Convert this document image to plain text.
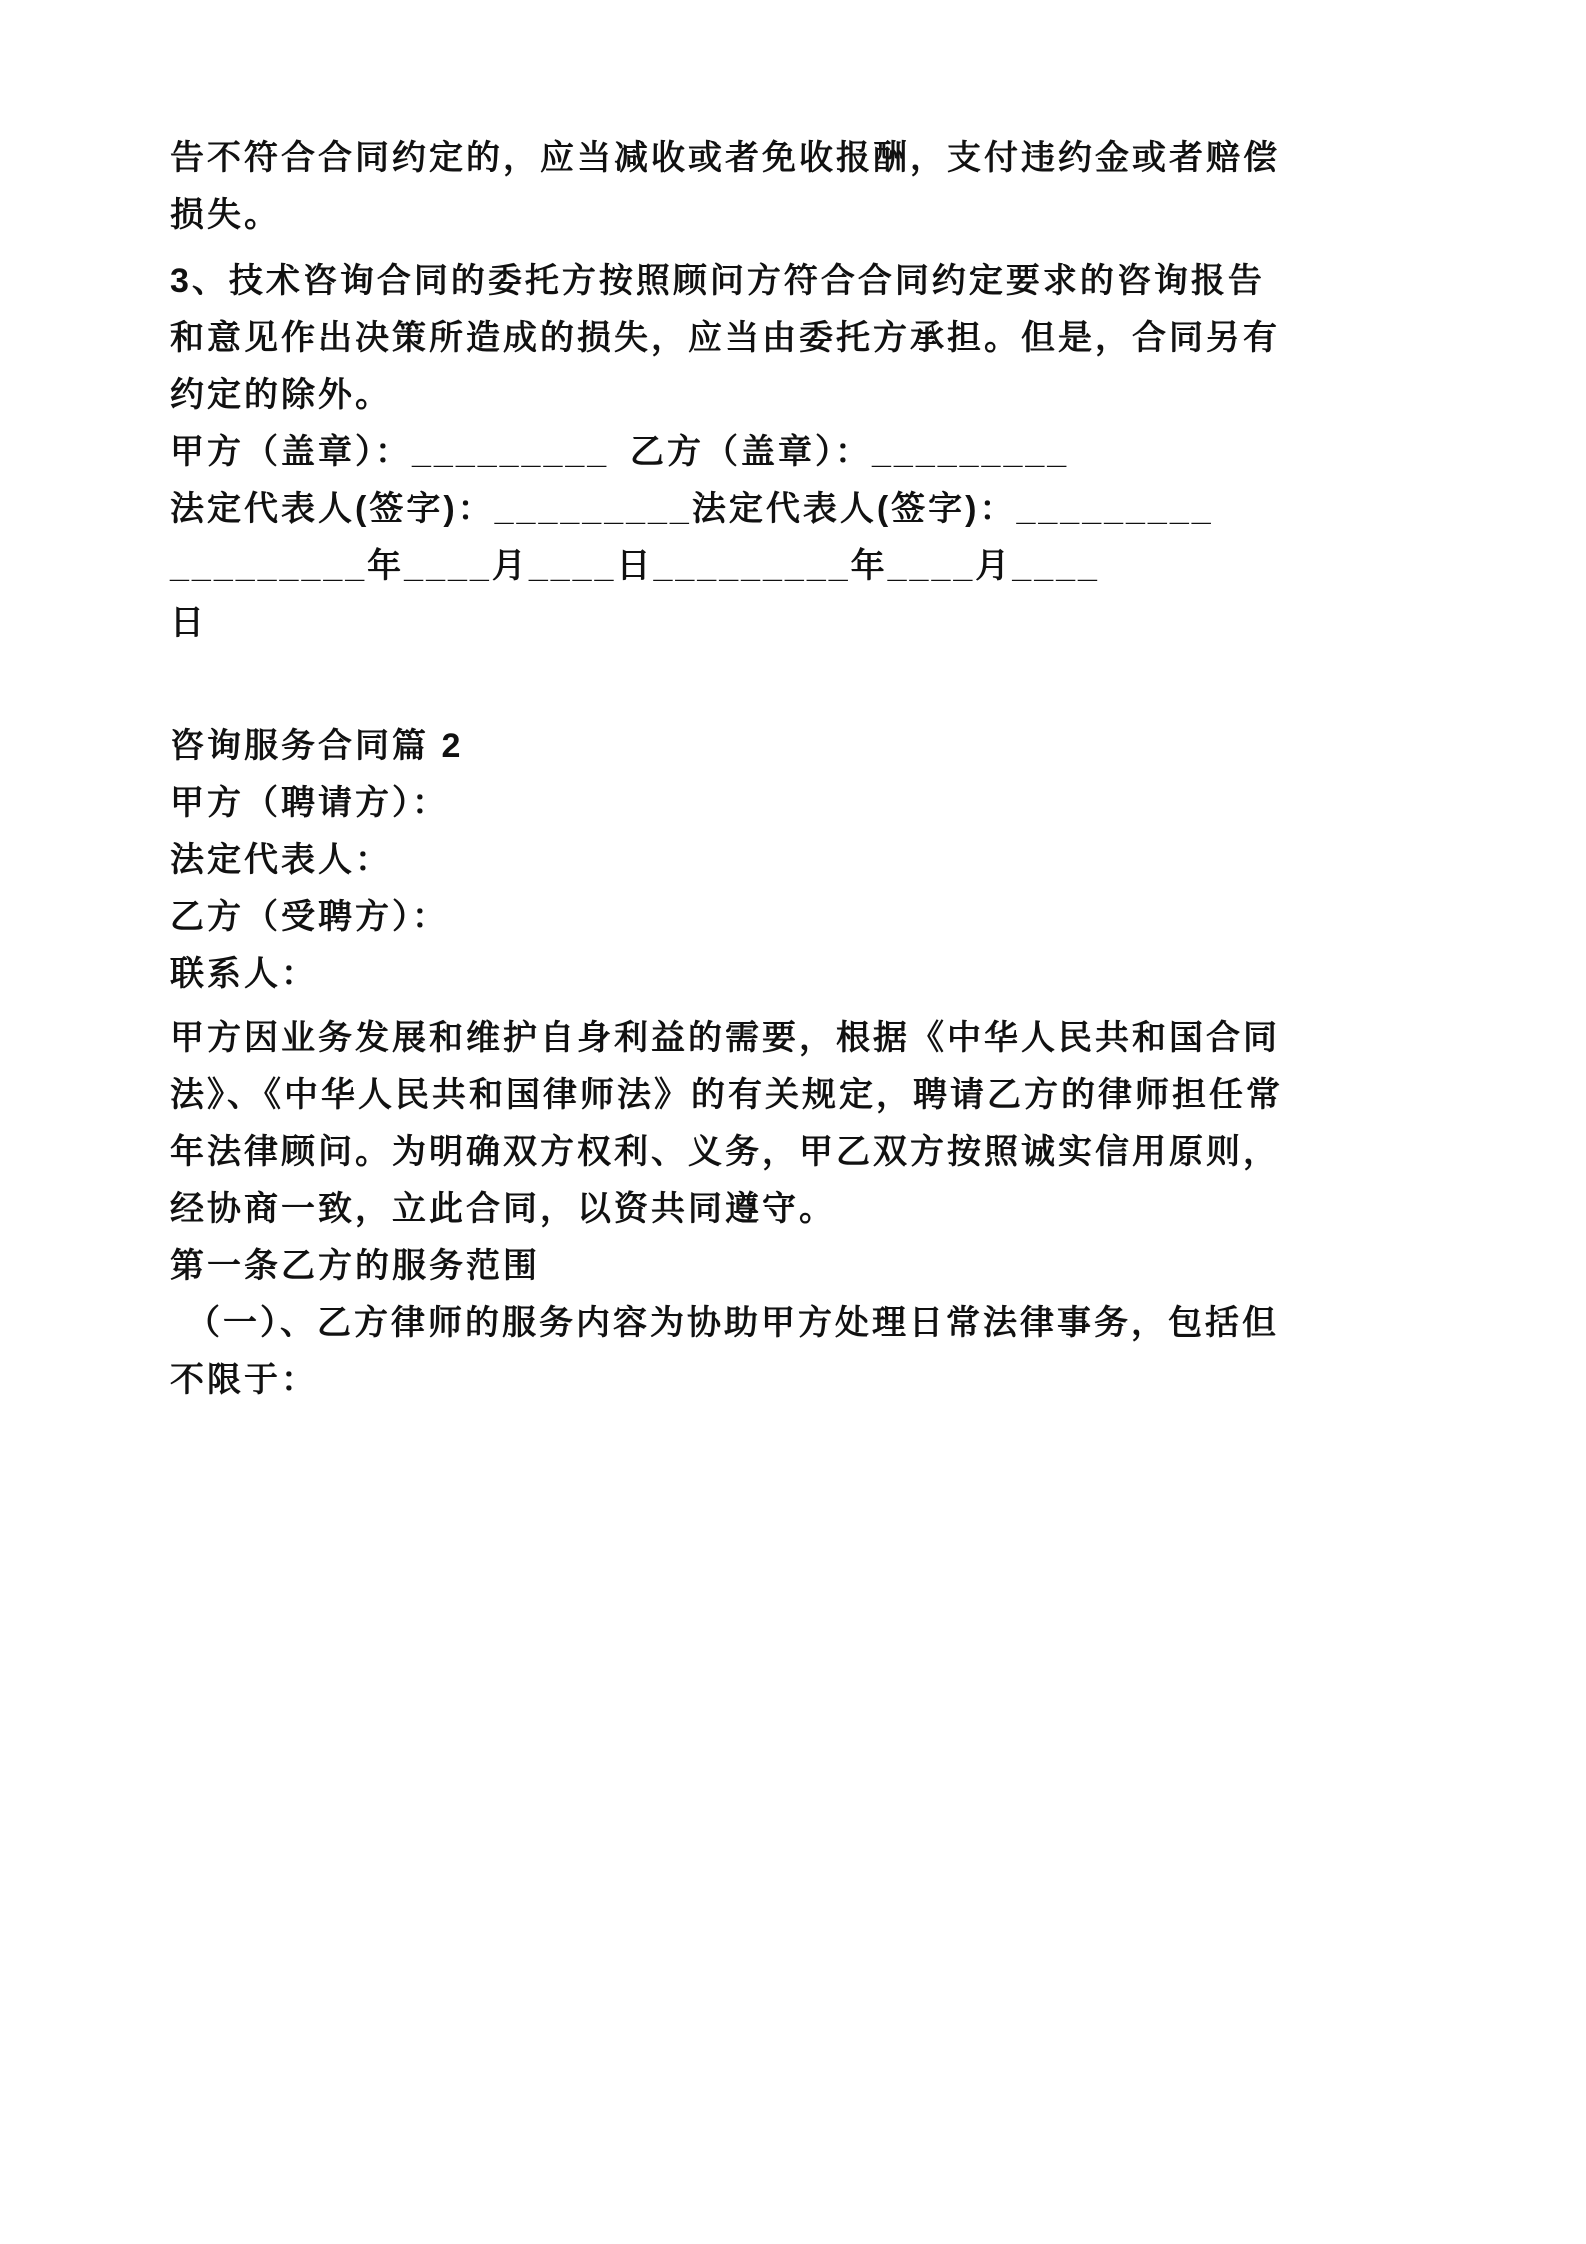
告不符合合同约定的，应当减收或者免收报酬，支付违约金或者赔偿
损失。
3、技术咨询合同的委托方按照顾问方符合合同约定要求的咨询报告
和意见作出决策所造成的损失，应当由委托方承担。但是，合同另有
约定的除外。
甲方（盖章）：_________ 乙方（盖章）：_________
法定代表人(签字)：_________ 法定代表人(签字)：_________
_________年____月____日 _________年____月____
日
咨询服务合同篇 2
甲方（聘请方）：
法定代表人：
乙方（受聘方）：
联系人：
甲方因业务发展和维护自身利益的需要，根据《中华人民共和国合同
法》、《中华人民共和国律师法》的有关规定，聘请乙方的律师担任常
年法律顾问。为明确双方权利、义务，甲乙双方按照诚实信用原则，
经协商一致，立此合同，以资共同遵守。
第一条乙方的服务范围
（一）、乙方律师的服务内容为协助甲方处理日常法律事务，包括但
不限于：
